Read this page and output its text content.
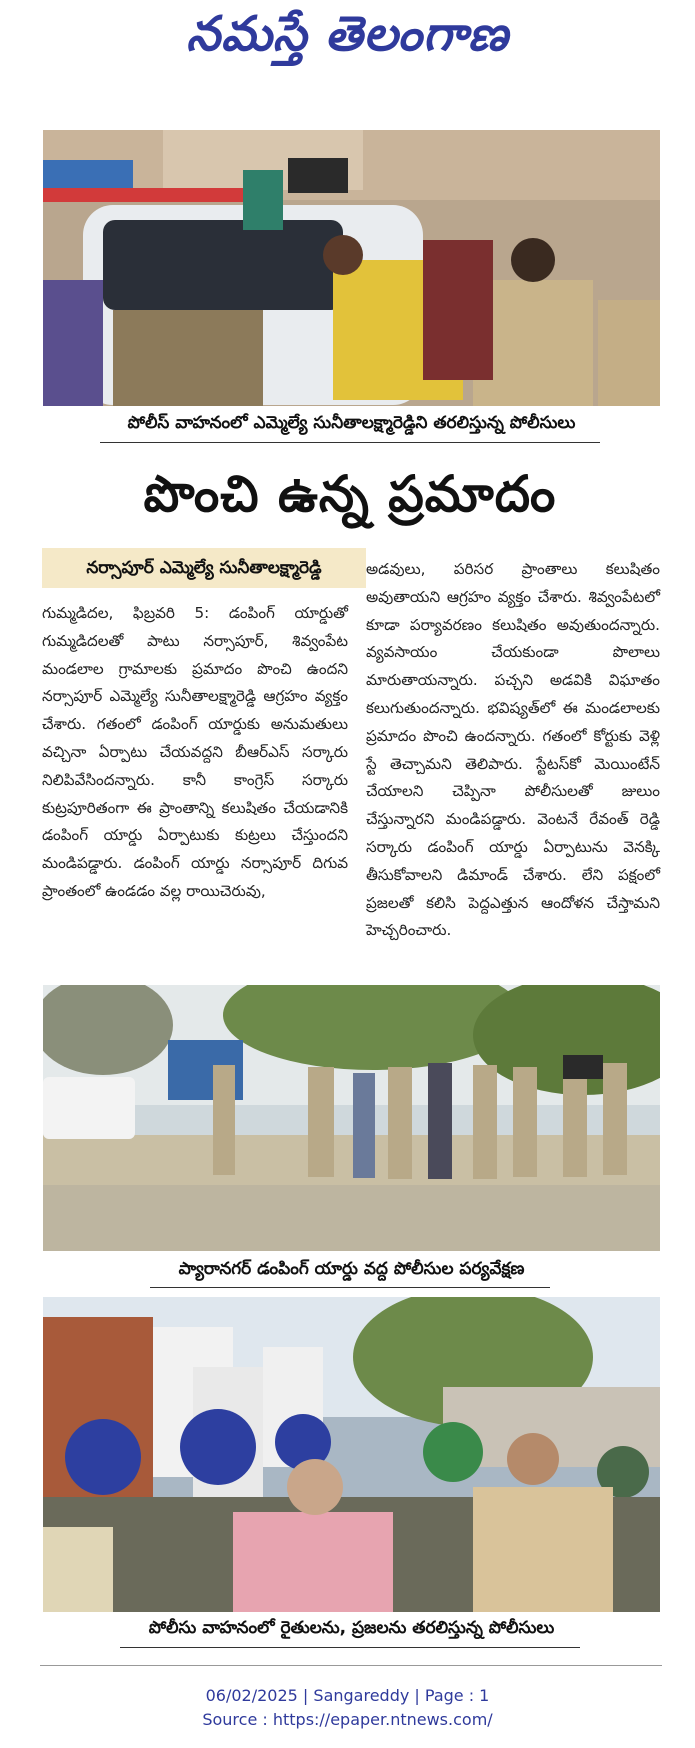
నమస్తే తెలంగాణ
పోలీస్‌ వాహనంలో ఎమ్మెల్యే సునీతాలక్ష్మారెడ్డిని తరలిస్తున్న పోలీసులు
పొంచి ఉన్న ప్రమాదం
నర్సాపూర్‌ ఎమ్మెల్యే సునీతాలక్ష్మారెడ్డి

గుమ్మడిదల, ఫిబ్రవరి 5: డంపింగ్‌ యార్డుతో గుమ్మడిదలతో పాటు నర్సాపూర్‌, శివ్వంపేట మండలాల గ్రామాలకు ప్రమాదం పొంచి ఉందని నర్సాపూర్‌ ఎమ్మెల్యే సునీతాలక్ష్మారెడ్డి ఆగ్రహం వ్యక్తం చేశారు. గతంలో డంపింగ్‌ యార్డుకు అనుమతులు వచ్చినా ఏర్పాటు చేయవద్దని బీఆర్‌ఎస్‌ సర్కారు నిలిపివేసిందన్నారు. కానీ కాంగ్రెస్‌ సర్కారు కుట్రపూరితంగా ఈ ప్రాంతాన్ని కలుషితం చేయడానికి డంపింగ్‌ యార్డు ఏర్పాటుకు కుట్రలు చేస్తుందని మండిపడ్డారు. డంపింగ్‌ యార్డు నర్సాపూర్‌ దిగువ ప్రాంతంలో ఉండడం వల్ల రాయిచెరువు,

అడవులు, పరిసర ప్రాంతాలు కలుషితం అవుతాయని ఆగ్రహం వ్యక్తం చేశారు. శివ్వంపేటలో కూడా పర్యావరణం కలుషితం అవుతుందన్నారు. వ్యవసాయం చేయకుండా పొలాలు మారుతాయన్నారు. పచ్చని అడవికి విఘాతం కలుగుతుందన్నారు. భవిష్యత్‌లో ఈ మండలాలకు ప్రమాదం పొంచి ఉందన్నారు. గతంలో కోర్టుకు వెళ్లి స్టే తెచ్చామని తెలిపారు. స్టేటస్‌కో మెయింటేన్‌ చేయాలని చెప్పినా పోలీసులతో జులుం చేస్తున్నారని మండిపడ్డారు. వెంటనే రేవంత్‌ రెడ్డి సర్కారు డంపింగ్‌ యార్డు ఏర్పాటును వెనక్కి తీసుకోవాలని డిమాండ్‌ చేశారు. లేని పక్షంలో ప్రజలతో కలిసి పెద్దఎత్తున ఆందోళన చేస్తామని హెచ్చరించారు.

ప్యారానగర్‌ డంపింగ్‌ యార్డు వద్ద పోలీసుల పర్యవేక్షణ
పోలీసు వాహనంలో రైతులను, ప్రజలను తరలిస్తున్న పోలీసులు
06/02/2025 | Sangareddy | Page : 1
Source : https://epaper.ntnews.com/
